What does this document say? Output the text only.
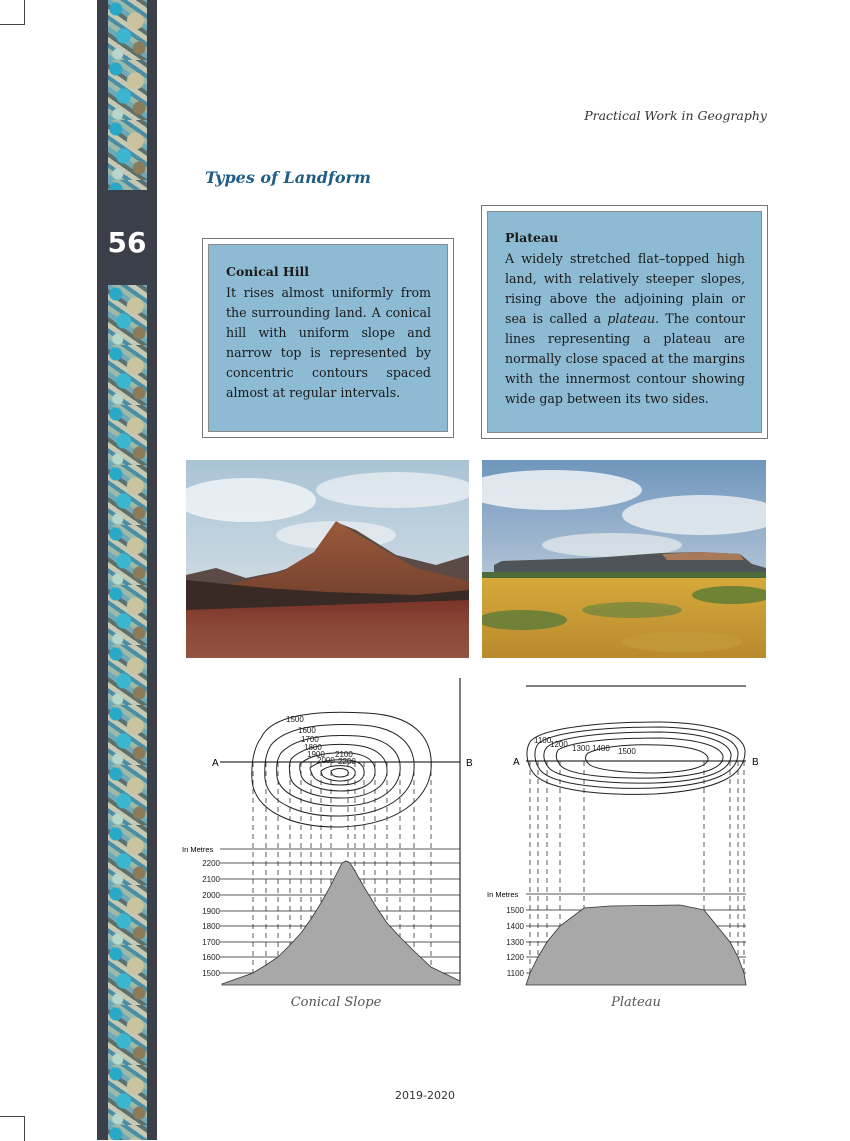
56
Practical Work in Geography
Types of Landform
Conical Hill
It rises almost uniformly from the surrounding land. A conical hill with uniform slope and narrow top is represented by concentric contours spaced almost at regular intervals.
Plateau
A widely stretched flat–topped high land, with relatively steeper slopes, rising above the adjoining plain or sea is called a plateau. The contour lines representing a plateau are normally close spaced at the margins with the innermost contour showing wide gap between its two sides.
1500
1600
1700
1800
1900
2000
2100
2200
A	B
In Metres
2200
2100
2000
1900
1800
1700
1600
1500
1100
1200 1300 1400 1500
A	B
In Metres
1500
1400
1300
1200
1100
Conical Slope	Plateau
2019-2020
